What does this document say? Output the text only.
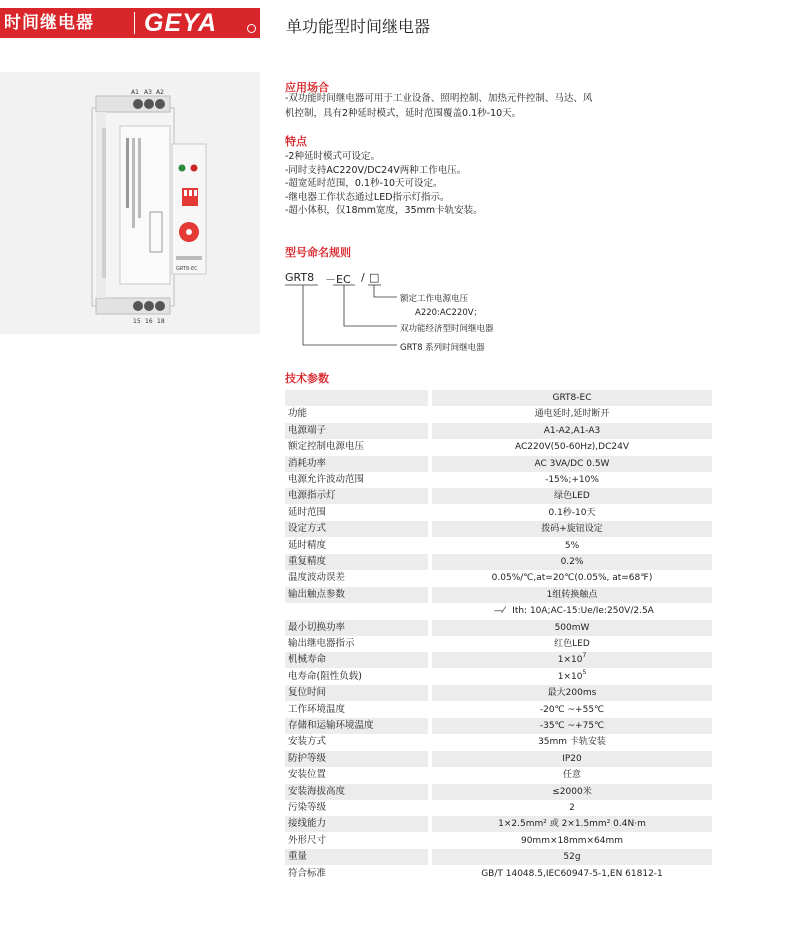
时间继电器 GEYA	单功能型时间继电器
A1 A3 A2
15 16 18
GRT8-EC
应用场合
-双功能时间继电器可用于工业设备、照明控制、加热元件控制、马达、风
机控制，具有2种延时模式，延时范围覆盖0.1秒-10天。
特点
-2种延时模式可设定。
-同时支持AC220V/DC24V两种工作电压。
-超宽延时范围，0.1秒-10天可设定。
-继电器工作状态通过LED指示灯指示。
-超小体积，仅18mm宽度，35mm卡轨安装。
型号命名规则
GRT8 －EC / □
额定工作电源电压
A220:AC220V；
双功能经济型时间继电器
GRT8 系列时间继电器
技术参数
GRT8-EC
功能	通电延时,延时断开
电源端子	A1-A2,A1-A3
额定控制电源电压	AC220V(50-60Hz),DC24V
消耗功率	AC 3VA/DC 0.5W
电源允许波动范围	-15%;+10%
电源指示灯	绿色LED
延时范围	0.1秒-10天
设定方式	拨码+旋钮设定
延时精度	5%
重复精度	0.2%
温度波动误差	0.05%/℃,at=20℃(0.05%, at=68℉)
输出触点参数	1组转换触点
—⁄ Ith: 10A;AC-15:Ue/Ie:250V/2.5A
最小切换功率	500mW
输出继电器指示	红色LED
机械寿命	$1\times 10^7$
电寿命(阻性负载)	$1\times 10^5$
复位时间	最大200ms
工作环境温度	-20℃ ~+55℃
存储和运输环境温度	-35℃ ~+75℃
安装方式	35mm 卡轨安装
防护等级	IP20
安装位置	任意
安装海拔高度	≤2000米
污染等级	2
接线能力	1×2.5mm² 或 2×1.5mm² 0.4N·m
外形尺寸	90mm×18mm×64mm
重量	52g
符合标准	GB/T 14048.5,IEC60947-5-1,EN 61812-1
